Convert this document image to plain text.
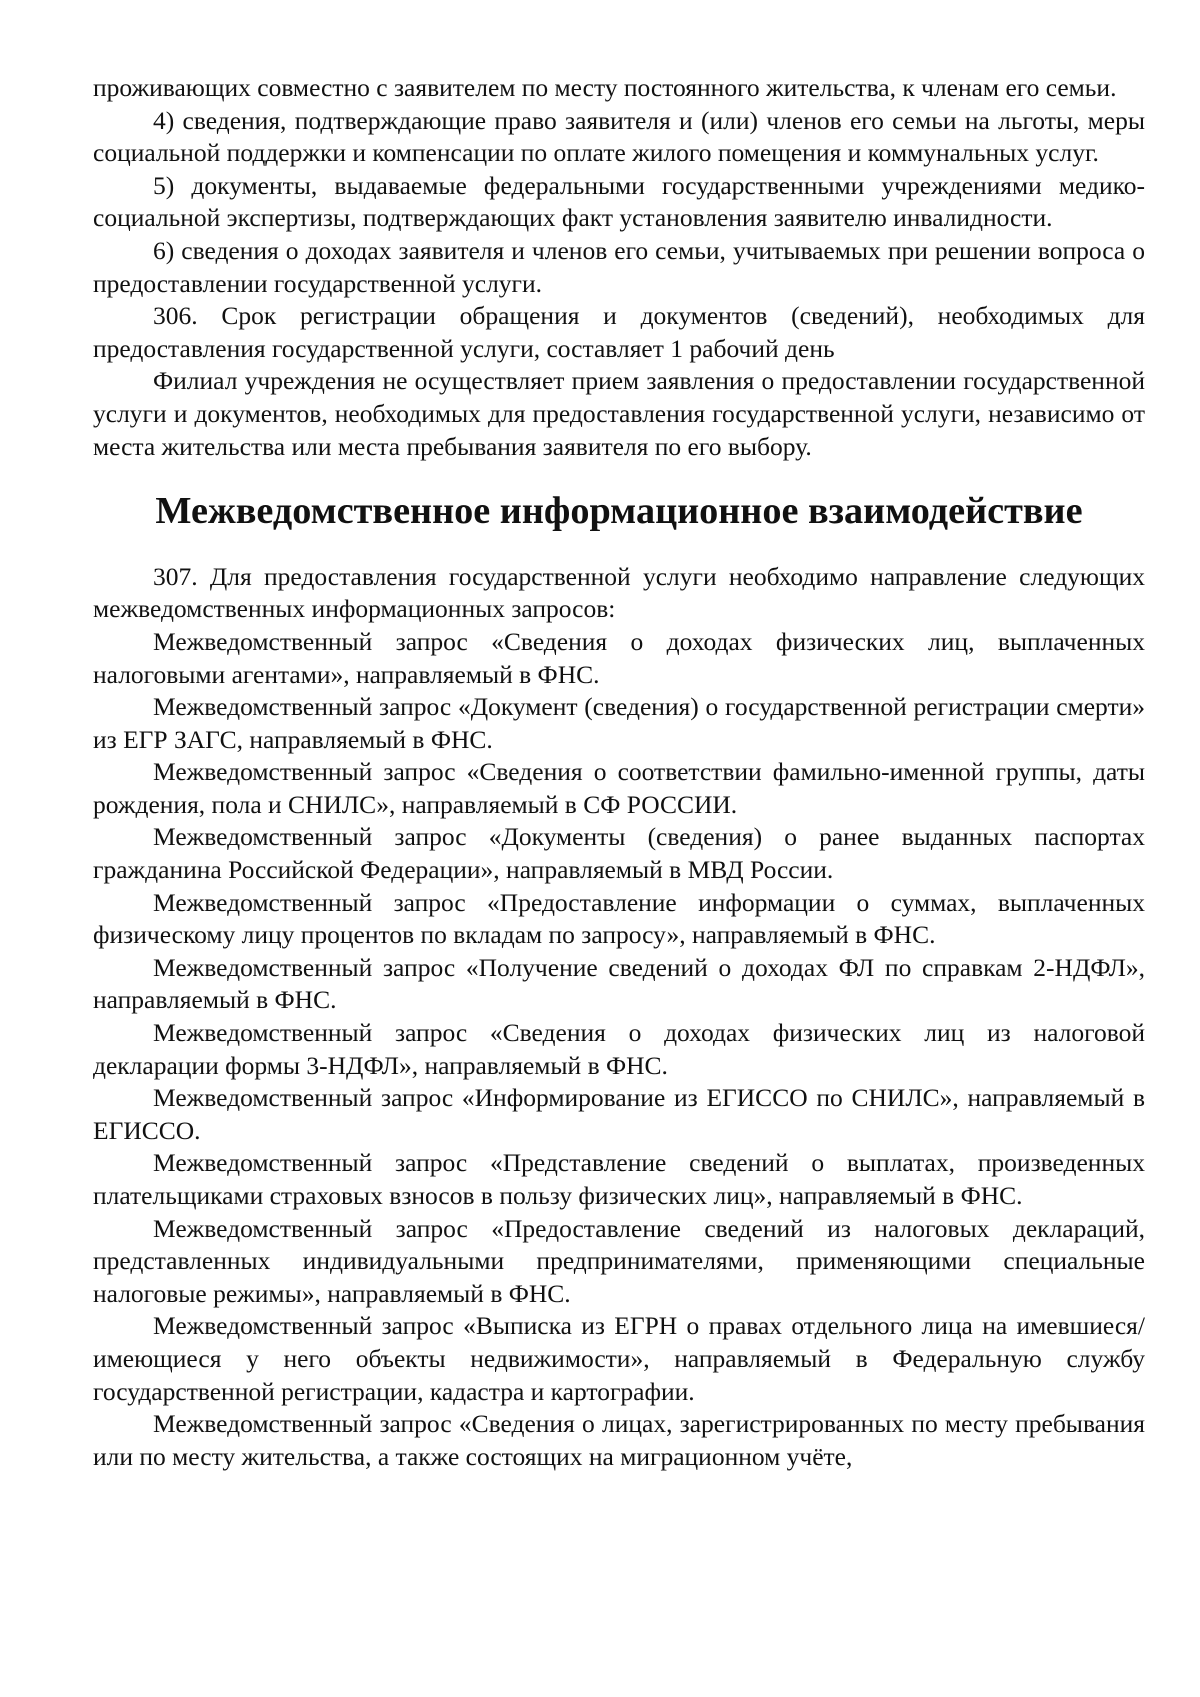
проживающих совместно с заявителем по месту постоянного жительства, к членам его семьи.

4) сведения, подтверждающие право заявителя и (или) членов его семьи на льготы, меры социальной поддержки и компенсации по оплате жилого помещения и коммунальных услуг.

5) документы, выдаваемые федеральными государственными учреждениями медико-социальной экспертизы, подтверждающих факт установления заявителю инвалидности.

6) сведения о доходах заявителя и членов его семьи, учитываемых при решении вопроса о предоставлении государственной услуги.

306. Срок регистрации обращения и документов (сведений), необходимых для предоставления государственной услуги, составляет 1 рабочий день

Филиал учреждения не осуществляет прием заявления о предоставлении государственной услуги и документов, необходимых для предоставления государственной услуги, независимо от места жительства или места пребывания заявителя по его выбору.

Межведомственное информационное взаимодействие

307. Для предоставления государственной услуги необходимо направление следующих межведомственных информационных запросов:

Межведомственный запрос «Сведения о доходах физических лиц, выплаченных налоговыми агентами», направляемый в ФНС.

Межведомственный запрос «Документ (сведения) о государственной регистрации смерти» из ЕГР ЗАГС, направляемый в ФНС.

Межведомственный запрос «Сведения о соответствии фамильно-именной группы, даты рождения, пола и СНИЛС», направляемый в СФ РОССИИ.

Межведомственный запрос «Документы (сведения) о ранее выданных паспортах гражданина Российской Федерации», направляемый в МВД России.

Межведомственный запрос «Предоставление информации о суммах, выплаченных физическому лицу процентов по вкладам по запросу», направляемый в ФНС.

Межведомственный запрос «Получение сведений о доходах ФЛ по справкам 2-НДФЛ», направляемый в ФНС.

Межведомственный запрос «Сведения о доходах физических лиц из налоговой декларации формы 3-НДФЛ», направляемый в ФНС.

Межведомственный запрос «Информирование из ЕГИССО по СНИЛС», направляемый в ЕГИССО.

Межведомственный запрос «Представление сведений о выплатах, произведенных плательщиками страховых взносов в пользу физических лиц», направляемый в ФНС.

Межведомственный запрос «Предоставление сведений из налоговых деклараций, представленных индивидуальными предпринимателями, применяющими специальные налоговые режимы», направляемый в ФНС.

Межведомственный запрос «Выписка из ЕГРН о правах отдельного лица на имевшиеся/имеющиеся у него объекты недвижимости», направляемый в Федеральную службу государственной регистрации, кадастра и картографии.

Межведомственный запрос «Сведения о лицах, зарегистрированных по месту пребывания или по месту жительства, а также состоящих на миграционном учёте,
